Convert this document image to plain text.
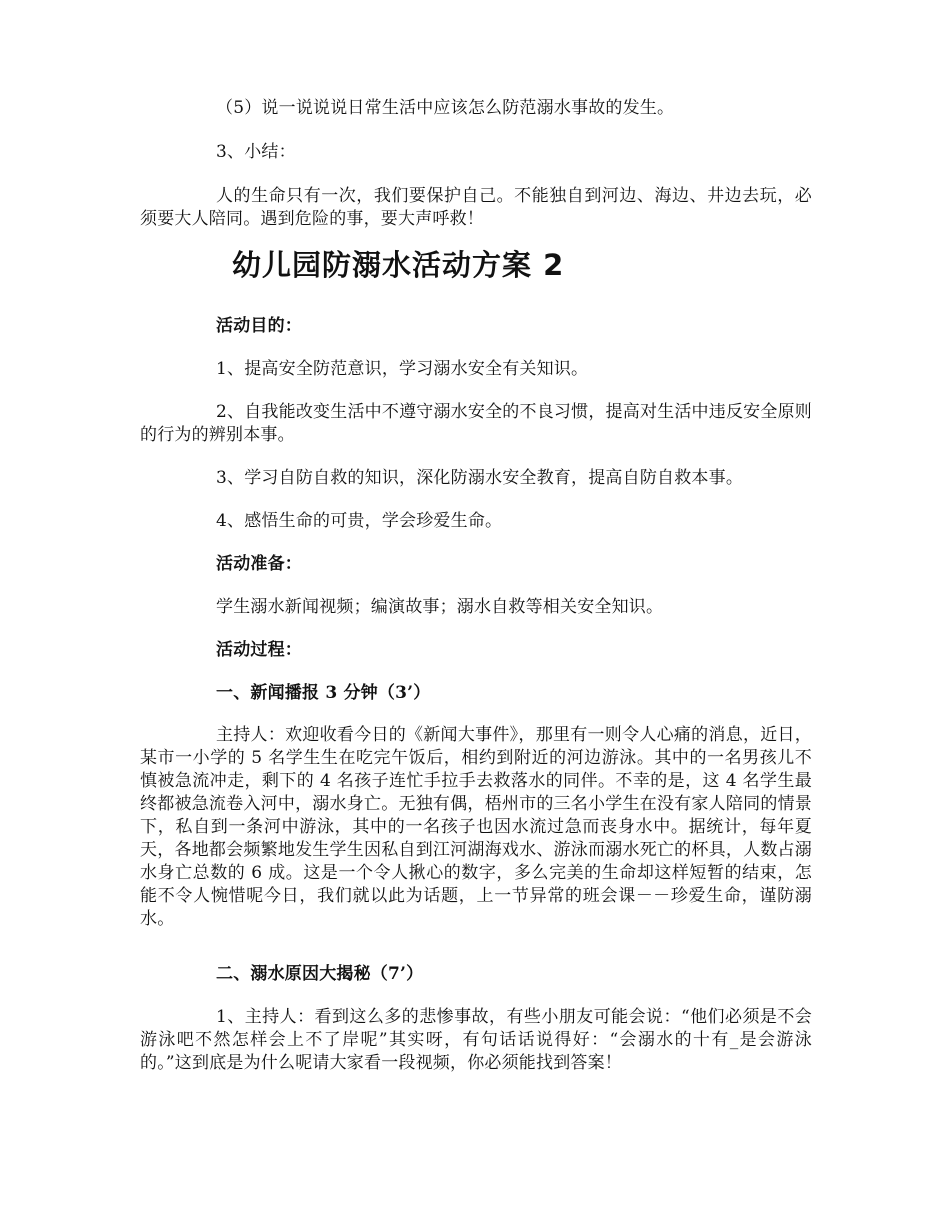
（5）说一说说说日常生活中应该怎么防范溺水事故的发生。

3、小结：

人的生命只有一次，我们要保护自己。不能独自到河边、海边、井边去玩，必须要大人陪同。遇到危险的事，要大声呼救！

幼儿园防溺水活动方案 2
活动目的：

1、提高安全防范意识，学习溺水安全有关知识。

2、自我能改变生活中不遵守溺水安全的不良习惯，提高对生活中违反安全原则的行为的辨别本事。

3、学习自防自救的知识，深化防溺水安全教育，提高自防自救本事。

4、感悟生命的可贵，学会珍爱生命。

活动准备：

学生溺水新闻视频；编演故事；溺水自救等相关安全知识。

活动过程：
一、新闻播报 3 分钟（3’）

主持人：欢迎收看今日的《新闻大事件》，那里有一则令人心痛的消息，近日，某市一小学的 5 名学生生在吃完午饭后，相约到附近的河边游泳。其中的一名男孩儿不慎被急流冲走，剩下的 4 名孩子连忙手拉手去救落水的同伴。不幸的是，这 4 名学生最终都被急流卷入河中，溺水身亡。无独有偶，梧州市的三名小学生在没有家人陪同的情景下，私自到一条河中游泳，其中的一名孩子也因水流过急而丧身水中。据统计，每年夏天，各地都会频繁地发生学生因私自到江河湖海戏水、游泳而溺水死亡的杯具，人数占溺水身亡总数的 6 成。这是一个令人揪心的数字，多么完美的生命却这样短暂的结束，怎能不令人惋惜呢今日，我们就以此为话题，上一节异常的班会课－－珍爱生命，谨防溺水。

二、溺水原因大揭秘（7’）

1、主持人：看到这么多的悲惨事故，有些小朋友可能会说：“他们必须是不会游泳吧不然怎样会上不了岸呢”其实呀，有句话话说得好：“会溺水的十有_是会游泳的。”这到底是为什么呢请大家看一段视频，你必须能找到答案！
